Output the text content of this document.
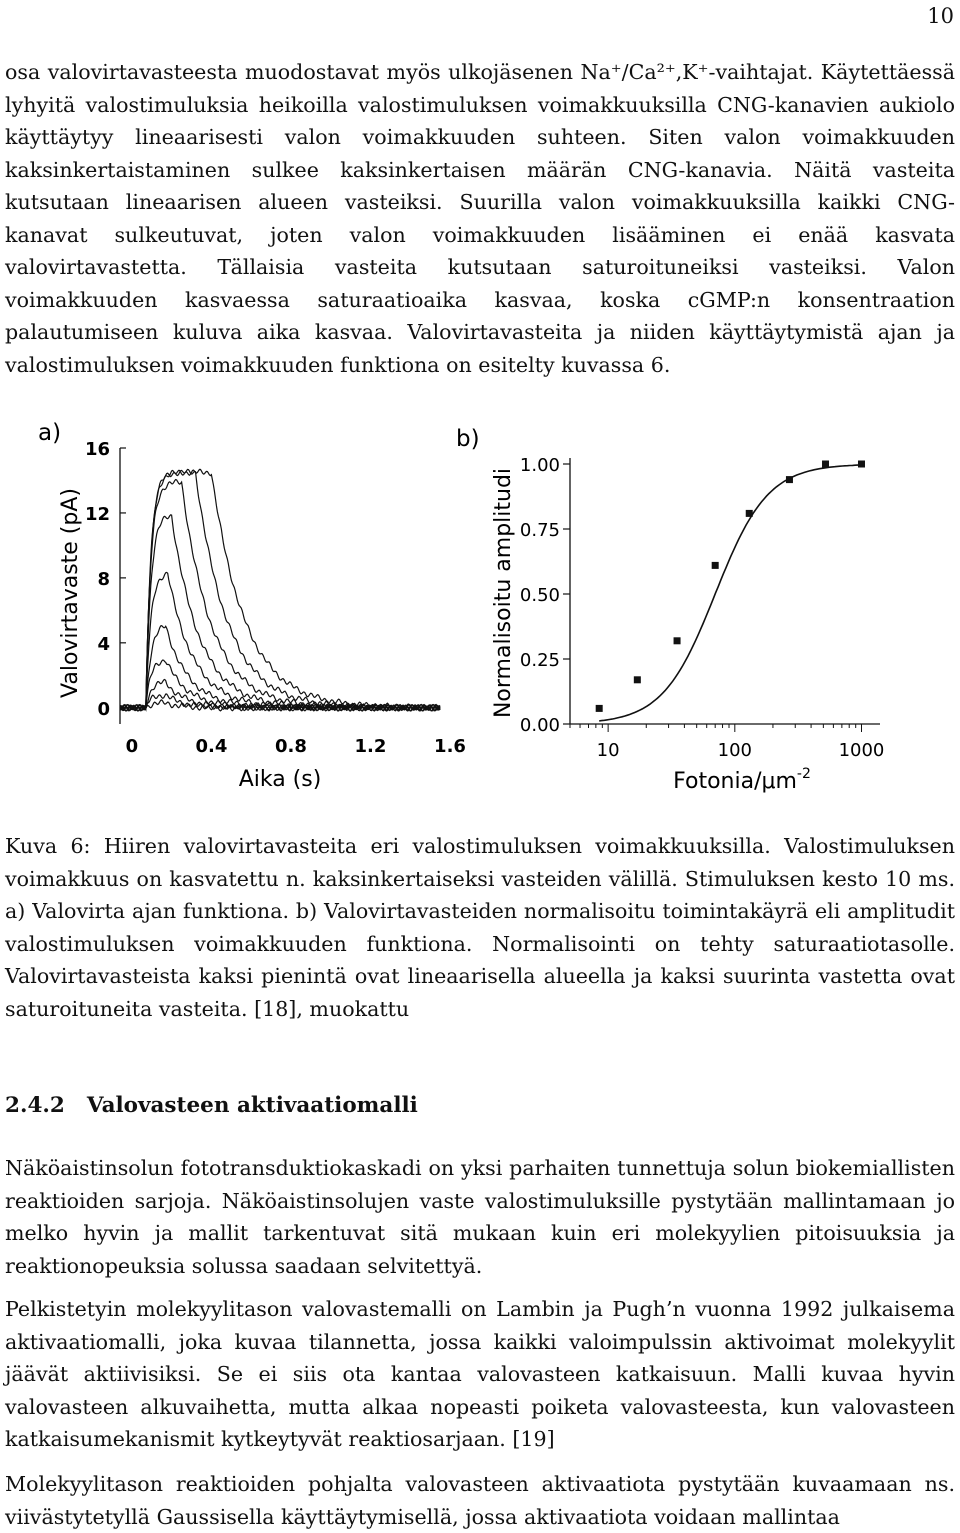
10

osa valovirtavasteesta muodostavat myös ulkojäsenen Na⁺/Ca²⁺,K⁺-vaihtajat. Käytettäessä lyhyitä valostimuluksia heikoilla valostimuluksen voimakkuuksilla CNG-kanavien aukiolo käyttäytyy lineaarisesti valon voimakkuuden suhteen. Siten valon voimakkuuden kaksinkertaistaminen sulkee kaksinkertaisen määrän CNG-kanavia. Näitä vasteita kutsutaan lineaarisen alueen vasteiksi. Suurilla valon voimakkuuksilla kaikki CNG-kanavat sulkeutuvat, joten valon voimakkuuden lisääminen ei enää kasvata valovirtavastetta. Tällaisia vasteita kutsutaan saturoituneiksi vasteiksi. Valon voimakkuuden kasvaessa saturaatioaika kasvaa, koska cGMP:n konsentraation palautumiseen kuluva aika kasvaa. Valovirtavasteita ja niiden käyttäytymistä ajan ja valostimuluksen voimakkuuden funktiona on esitelty kuvassa 6.

a)
Valovirtavaste (pA)
Aika (s)
0
4
8
12
16
0	0.4	0.8	1.2	1.6
b)
Normalisoitu amplitudi
Fotonia/$\mu m^{-2}$
0.00
0.25
0.50
0.75
1.00
10	100	1000

Kuva 6: Hiiren valovirtavasteita eri valostimuluksen voimakkuuksilla. Valostimuluksen voimakkuus on kasvatettu n. kaksinkertaiseksi vasteiden välillä. Stimuluksen kesto 10 ms. a) Valovirta ajan funktiona. b) Valovirtavasteiden normalisoitu toimintakäyrä eli amplitudit valostimuluksen voimakkuuden funktiona. Normalisointi on tehty saturaatiotasolle. Valovirtavasteista kaksi pienintä ovat lineaarisella alueella ja kaksi suurinta vastetta ovat saturoituneita vasteita. [18], muokattu

2.4.2 Valovasteen aktivaatiomalli

Näköaistinsolun fototransduktiokaskadi on yksi parhaiten tunnettuja solun biokemiallisten reaktioiden sarjoja. Näköaistinsolujen vaste valostimuluksille pystytään mallintamaan jo melko hyvin ja mallit tarkentuvat sitä mukaan kuin eri molekyylien pitoisuuksia ja reaktionopeuksia solussa saadaan selvitettyä.

Pelkistetyin molekyylitason valovastemalli on Lambin ja Pugh’n vuonna 1992 julkaisema aktivaatiomalli, joka kuvaa tilannetta, jossa kaikki valoimpulssin aktivoimat molekyylit jäävät aktiivisiksi. Se ei siis ota kantaa valovasteen katkaisuun. Malli kuvaa hyvin valovasteen alkuvaihetta, mutta alkaa nopeasti poiketa valovasteesta, kun valovasteen katkaisumekanismit kytkeytyvät reaktiosarjaan. [19]

Molekyylitason reaktioiden pohjalta valovasteen aktivaatiota pystytään kuvaamaan ns. viivästytetyllä Gaussisella käyttäytymisellä, jossa aktivaatiota voidaan mallintaa
